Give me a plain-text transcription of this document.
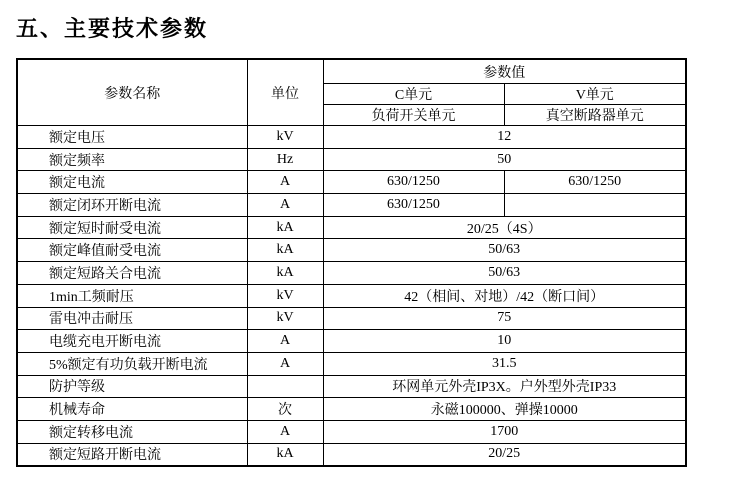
五、主要技术参数
参数名称	单位	参数值	
		C单元	V单元
		负荷开关单元	真空断路器单元
额定电压	kV	12	
额定频率	Hz	50	
额定电流	A	630/1250	630/1250
额定闭环开断电流	A	630/1250	
额定短时耐受电流	kA	20/25（4S）	
额定峰值耐受电流	kA	50/63	
额定短路关合电流	kA	50/63	
1min工频耐压	kV	42（相间、对地）/42（断口间）	
雷电冲击耐压	kV	75	
电缆充电开断电流	A	10	
5%额定有功负载开断电流	A	31.5	
防护等级		环网单元外壳IP3X。户外型外壳IP33	
机械寿命	次	永磁100000、弹操10000	
额定转移电流	A	1700	
额定短路开断电流	kA	20/25	
